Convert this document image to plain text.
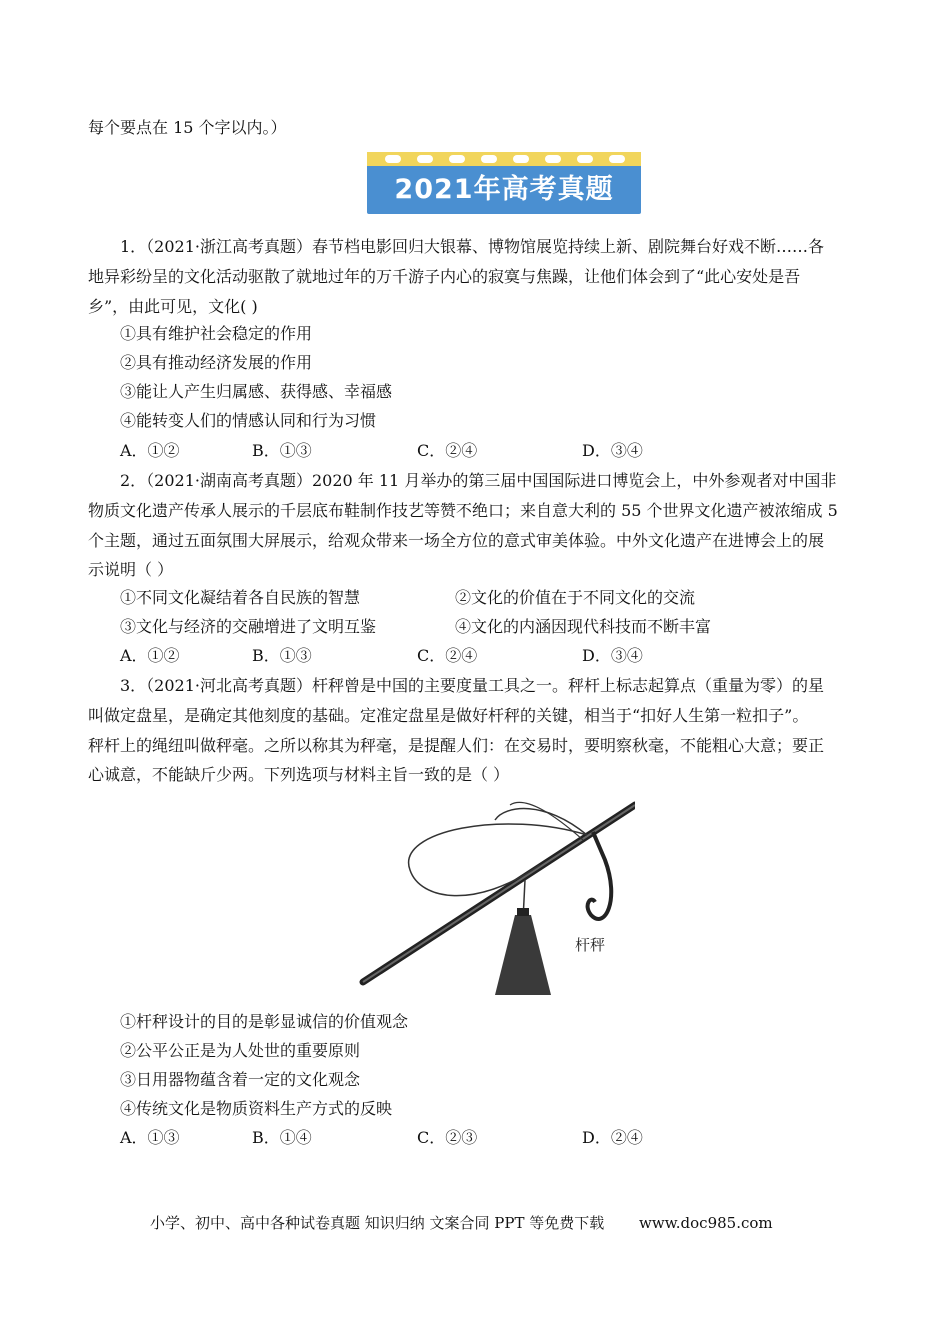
每个要点在 15 个字以内。）
2021年高考真题
1．（2021·浙江高考真题）春节档电影回归大银幕、博物馆展览持续上新、剧院舞台好戏不断……各
地异彩纷呈的文化活动驱散了就地过年的万千游子内心的寂寞与焦躁，让他们体会到了“此心安处是吾
乡”，由此可见，文化( )
①具有维护社会稳定的作用
②具有推动经济发展的作用
③能让人产生归属感、获得感、幸福感
④能转变人们的情感认同和行为习惯
A．①②	B．①③	C．②④	D．③④
2．（2021·湖南高考真题）2020 年 11 月举办的第三届中国国际进口博览会上，中外参观者对中国非
物质文化遗产传承人展示的千层底布鞋制作技艺等赞不绝口；来自意大利的 55 个世界文化遗产被浓缩成 5
个主题，通过五面氛围大屏展示，给观众带来一场全方位的意式审美体验。中外文化遗产在进博会上的展
示说明（ ）
①不同文化凝结着各自民族的智慧	②文化的价值在于不同文化的交流
③文化与经济的交融增进了文明互鉴	④文化的内涵因现代科技而不断丰富
A．①②	B．①③	C．②④	D．③④
3．（2021·河北高考真题）杆秤曾是中国的主要度量工具之一。秤杆上标志起算点（重量为零）的星
叫做定盘星，是确定其他刻度的基础。定准定盘星是做好杆秤的关键，相当于“扣好人生第一粒扣子”。
秤杆上的绳纽叫做秤毫。之所以称其为秤毫，是提醒人们：在交易时，要明察秋毫，不能粗心大意；要正
心诚意，不能缺斤少两。下列选项与材料主旨一致的是（ ）
杆秤
①杆秤设计的目的是彰显诚信的价值观念
②公平公正是为人处世的重要原则
③日用器物蕴含着一定的文化观念
④传统文化是物质资料生产方式的反映
A．①③	B．①④	C．②③	D．②④
小学、初中、高中各种试卷真题 知识归纳 文案合同 PPT 等免费下载 www.doc985.com
